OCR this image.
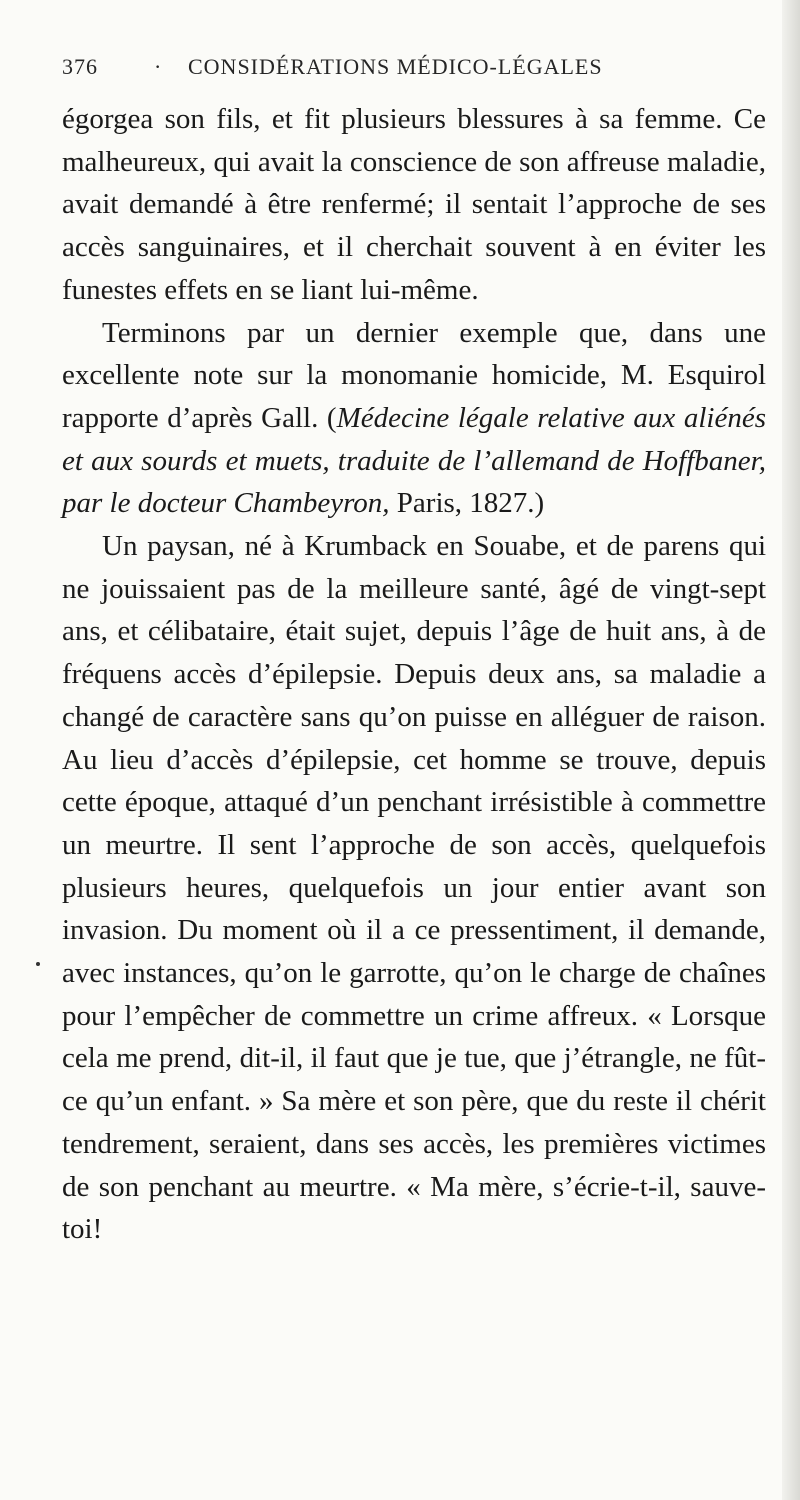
376	·	CONSIDÉRATIONS MÉDICO-LÉGALES

égorgea son fils, et fit plusieurs blessures à sa femme. Ce malheureux, qui avait la conscience de son affreuse maladie, avait demandé à être renfermé; il sentait l’approche de ses accès sanguinaires, et il cherchait souvent à en éviter les funestes effets en se liant lui-même.

Terminons par un dernier exemple que, dans une excellente note sur la monomanie homicide, M. Esquirol rapporte d’après Gall. (Médecine légale relative aux aliénés et aux sourds et muets, traduite de l’allemand de Hoffbaner, par le docteur Chambeyron, Paris, 1827.)

Un paysan, né à Krumback en Souabe, et de parens qui ne jouissaient pas de la meilleure santé, âgé de vingt-sept ans, et célibataire, était sujet, depuis l’âge de huit ans, à de fréquens accès d’épilepsie. Depuis deux ans, sa maladie a changé de caractère sans qu’on puisse en alléguer de raison. Au lieu d’accès d’épilepsie, cet homme se trouve, depuis cette époque, attaqué d’un penchant irrésistible à commettre un meurtre. Il sent l’approche de son accès, quelquefois plusieurs heures, quelquefois un jour entier avant son invasion. Du moment où il a ce pressentiment, il demande, avec instances, qu’on le garrotte, qu’on le charge de chaînes pour l’empêcher de commettre un crime affreux. « Lorsque cela me prend, dit-il, il faut que je tue, que j’étrangle, ne fût-ce qu’un enfant. » Sa mère et son père, que du reste il chérit tendrement, seraient, dans ses accès, les premières victimes de son penchant au meurtre. « Ma mère, s’écrie-t-il, sauve-toi!
